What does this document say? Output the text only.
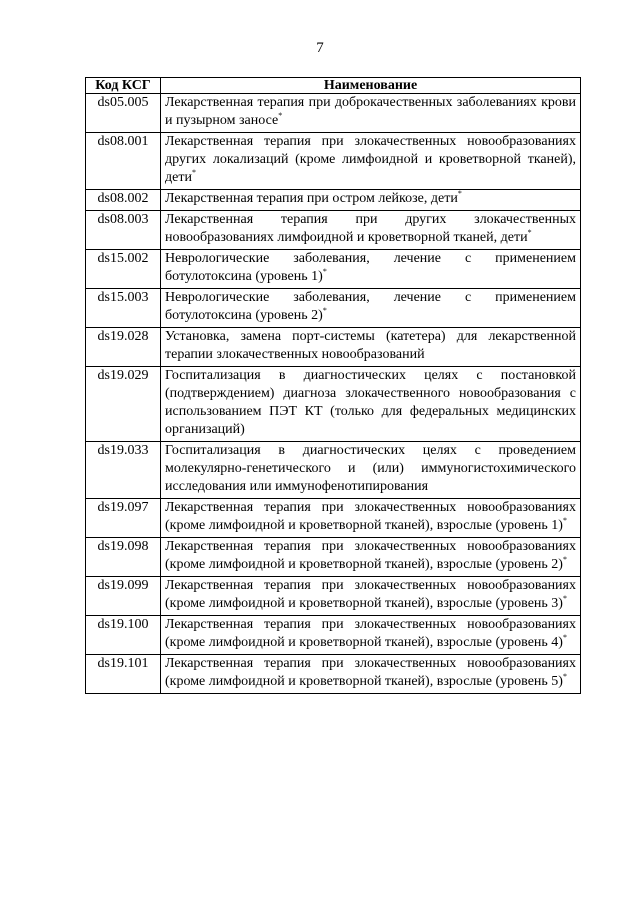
7
Код КСГ	Наименование
ds05.005	Лекарственная терапия при доброкачественных заболеваниях крови и пузырном заносе*
ds08.001	Лекарственная терапия при злокачественных новообразованиях других локализаций (кроме лимфоидной и кроветворной тканей), дети*
ds08.002	Лекарственная терапия при остром лейкозе, дети*
ds08.003	Лекарственная терапия при других злокачественных новообразованиях лимфоидной и кроветворной тканей, дети*
ds15.002	Неврологические заболевания, лечение с применением ботулотоксина (уровень 1)*
ds15.003	Неврологические заболевания, лечение с применением ботулотоксина (уровень 2)*
ds19.028	Установка, замена порт-системы (катетера) для лекарственной терапии злокачественных новообразований
ds19.029	Госпитализация в диагностических целях с постановкой (подтверждением) диагноза злокачественного новообразования с использованием ПЭТ КТ (только для федеральных медицинских организаций)
ds19.033	Госпитализация в диагностических целях с проведением молекулярно-генетического и (или) иммуногистохимического исследования или иммунофенотипирования
ds19.097	Лекарственная терапия при злокачественных новообразованиях (кроме лимфоидной и кроветворной тканей), взрослые (уровень 1)*
ds19.098	Лекарственная терапия при злокачественных новообразованиях (кроме лимфоидной и кроветворной тканей), взрослые (уровень 2)*
ds19.099	Лекарственная терапия при злокачественных новообразованиях (кроме лимфоидной и кроветворной тканей), взрослые (уровень 3)*
ds19.100	Лекарственная терапия при злокачественных новообразованиях (кроме лимфоидной и кроветворной тканей), взрослые (уровень 4)*
ds19.101	Лекарственная терапия при злокачественных новообразованиях (кроме лимфоидной и кроветворной тканей), взрослые (уровень 5)*
